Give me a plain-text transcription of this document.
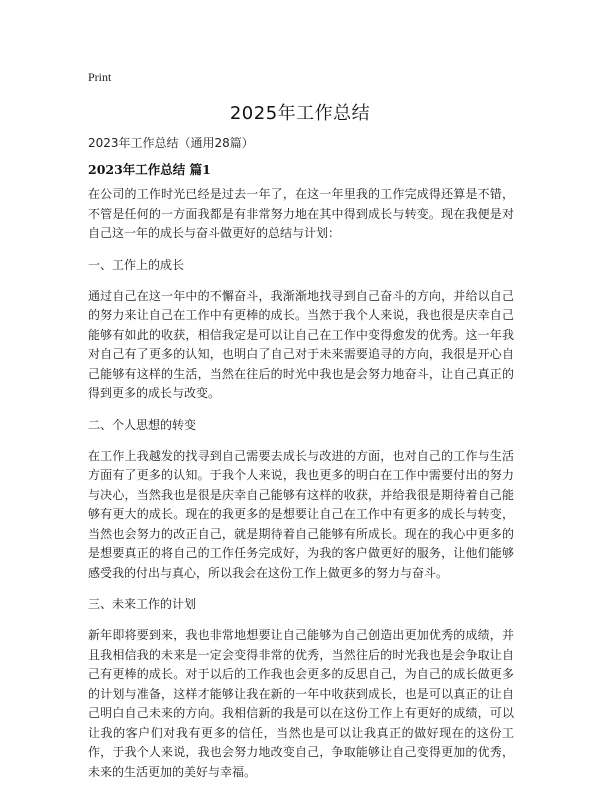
Print
2025年工作总结
2023年工作总结（通用28篇）
2023年工作总结 篇1

在公司的工作时光已经是过去一年了，在这一年里我的工作完成得还算是不错，不管是任何的一方面我都是有非常努力地在其中得到成长与转变。现在我便是对自己这一年的成长与奋斗做更好的总结与计划：

一、工作上的成长

通过自己在这一年中的不懈奋斗，我渐渐地找寻到自己奋斗的方向，并给以自己的努力来让自己在工作中有更棒的成长。当然于我个人来说，我也很是庆幸自己能够有如此的收获，相信我定是可以让自己在工作中变得愈发的优秀。这一年我对自己有了更多的认知，也明白了自己对于未来需要追寻的方向，我很是开心自己能够有这样的生活，当然在往后的时光中我也是会努力地奋斗，让自己真正的得到更多的成长与改变。

二、个人思想的转变

在工作上我越发的找寻到自己需要去成长与改进的方面，也对自己的工作与生活方面有了更多的认知。于我个人来说，我也更多的明白在工作中需要付出的努力与决心，当然我也是很是庆幸自己能够有这样的收获，并给我很是期待着自己能够有更大的成长。现在的我更多的是想要让自己在工作中有更多的成长与转变，当然也会努力的改正自己，就是期待着自己能够有所成长。现在的我心中更多的是想要真正的将自己的工作任务完成好，为我的客户做更好的服务，让他们能够感受我的付出与真心，所以我会在这份工作上做更多的努力与奋斗。

三、未来工作的计划

新年即将要到来，我也非常地想要让自己能够为自己创造出更加优秀的成绩，并且我相信我的未来是一定会变得非常的优秀，当然往后的时光我也是会争取让自己有更棒的成长。对于以后的工作我也会更多的反思自己，为自己的成长做更多的计划与准备，这样才能够让我在新的一年中收获到成长，也是可以真正的让自己明白自己未来的方向。我相信新的我是可以在这份工作上有更好的成绩，可以让我的客户们对我有更多的信任，当然也是可以让我真正的做好现在的这份工作，于我个人来说，我也会努力地改变自己，争取能够让自己变得更加的优秀，未来的生活更加的美好与幸福。
